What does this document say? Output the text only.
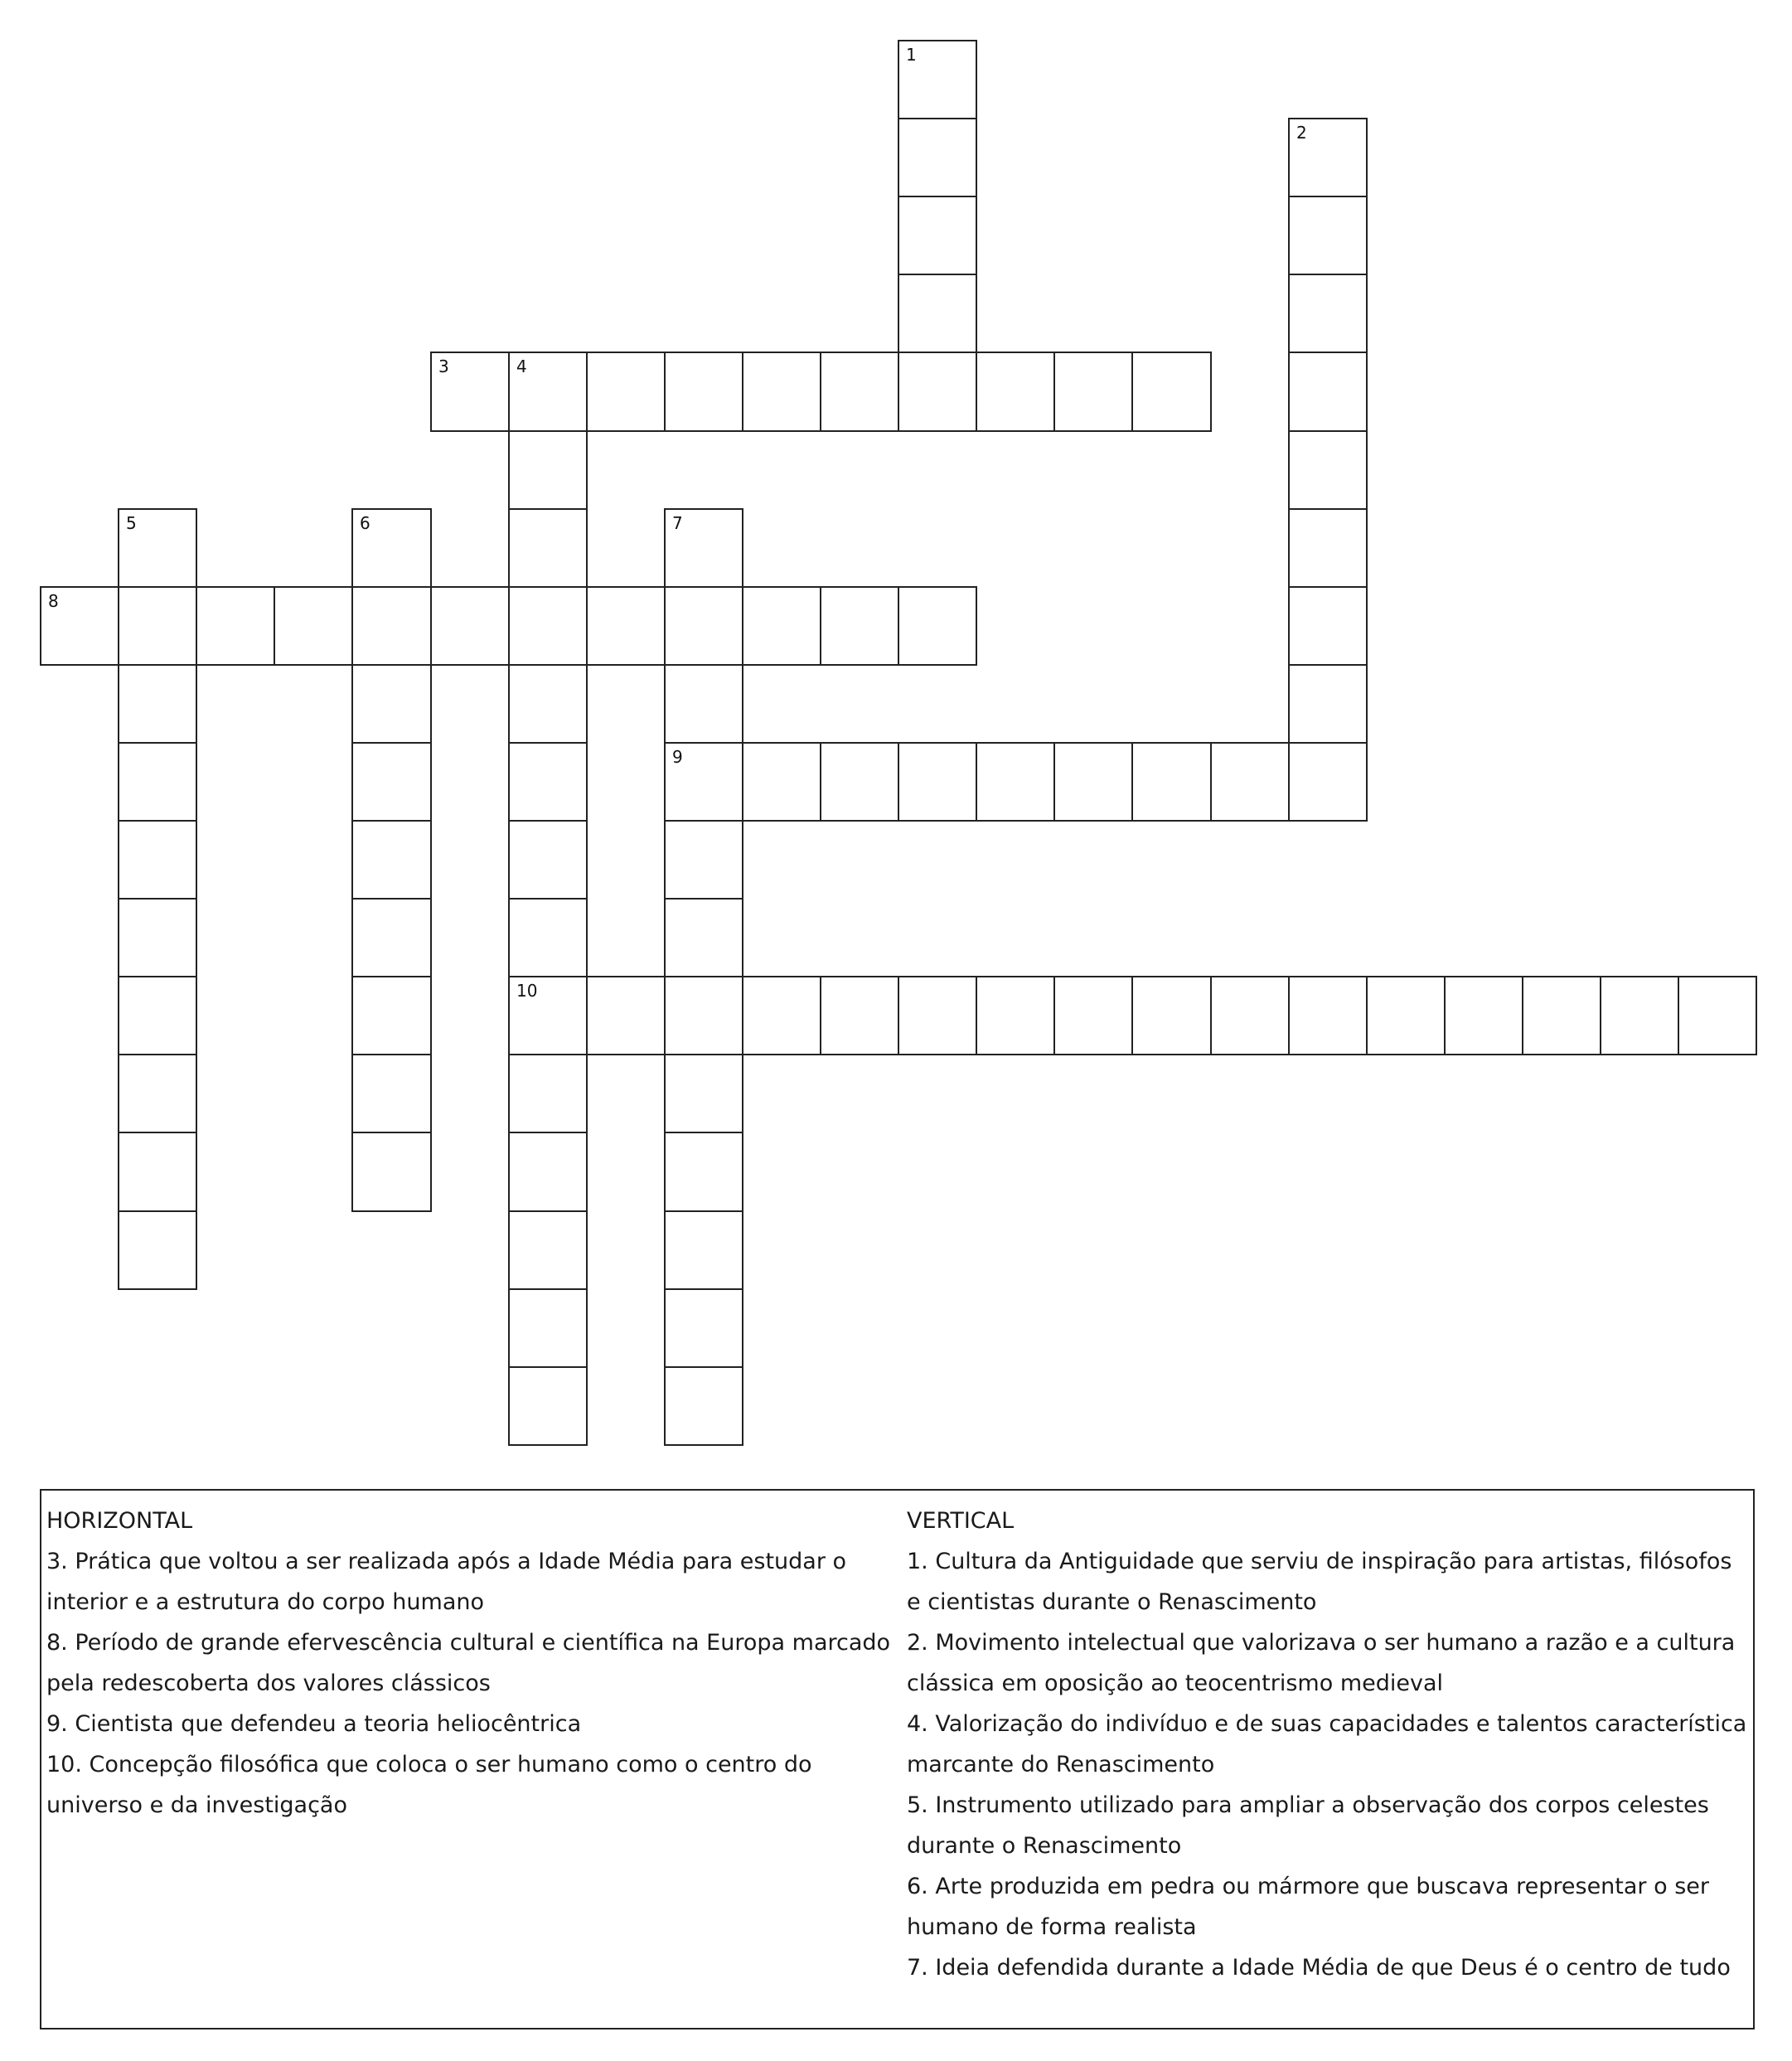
1
2
3	4
10
5	6	7
9
8
HORIZONTAL
3. Prática que voltou a ser realizada após a Idade Média para estudar o interior e a estrutura do corpo humano
8. Período de grande efervescência cultural e científica na Europa marcado pela redescoberta dos valores clássicos
9. Cientista que defendeu a teoria heliocêntrica
10. Concepção filosófica que coloca o ser humano como o centro do universo e da investigação
VERTICAL
1. Cultura da Antiguidade que serviu de inspiração para artistas, filósofos e cientistas durante o Renascimento
2. Movimento intelectual que valorizava o ser humano a razão e a cultura clássica em oposição ao teocentrismo medieval
4. Valorização do indivíduo e de suas capacidades e talentos característica marcante do Renascimento
5. Instrumento utilizado para ampliar a observação dos corpos celestes durante o Renascimento
6. Arte produzida em pedra ou mármore que buscava representar o ser humano de forma realista
7. Ideia defendida durante a Idade Média de que Deus é o centro de tudo
